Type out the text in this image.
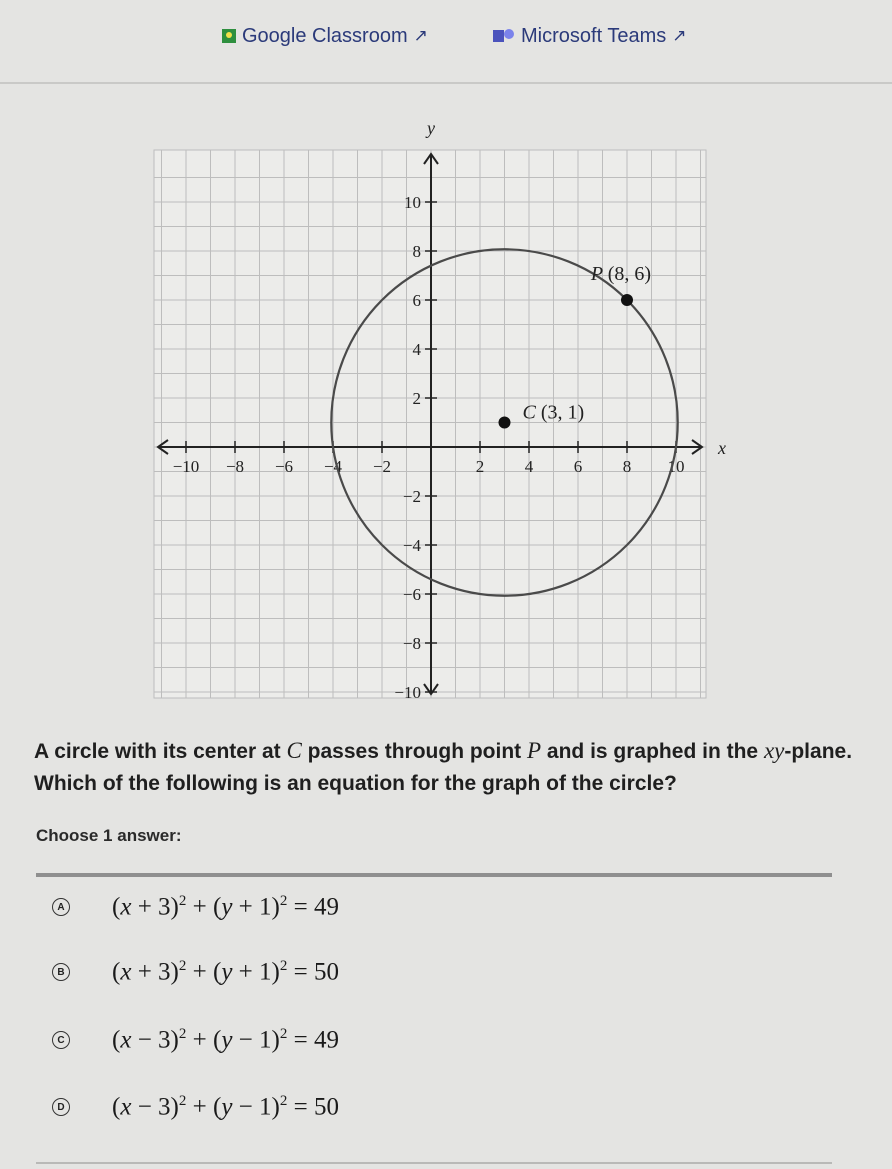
Google Classroom ↗	Microsoft Teams ↗
x
y
−10 −8 −6 −4 −2	2 4 6 8 10
10
8
6
4
2
−2
−4
−6
−8
−10
C (3, 1)
P (8, 6)
A circle with its center at C passes through point P and is graphed in the xy-plane. Which of the following is an equation for the graph of the circle?
Choose 1 answer:
A $(x + 3)^2 + (y + 1)^2 = 49$
B $(x + 3)^2 + (y + 1)^2 = 50$
C $(x - 3)^2 + (y - 1)^2 = 49$
D $(x - 3)^2 + (y - 1)^2 = 50$
